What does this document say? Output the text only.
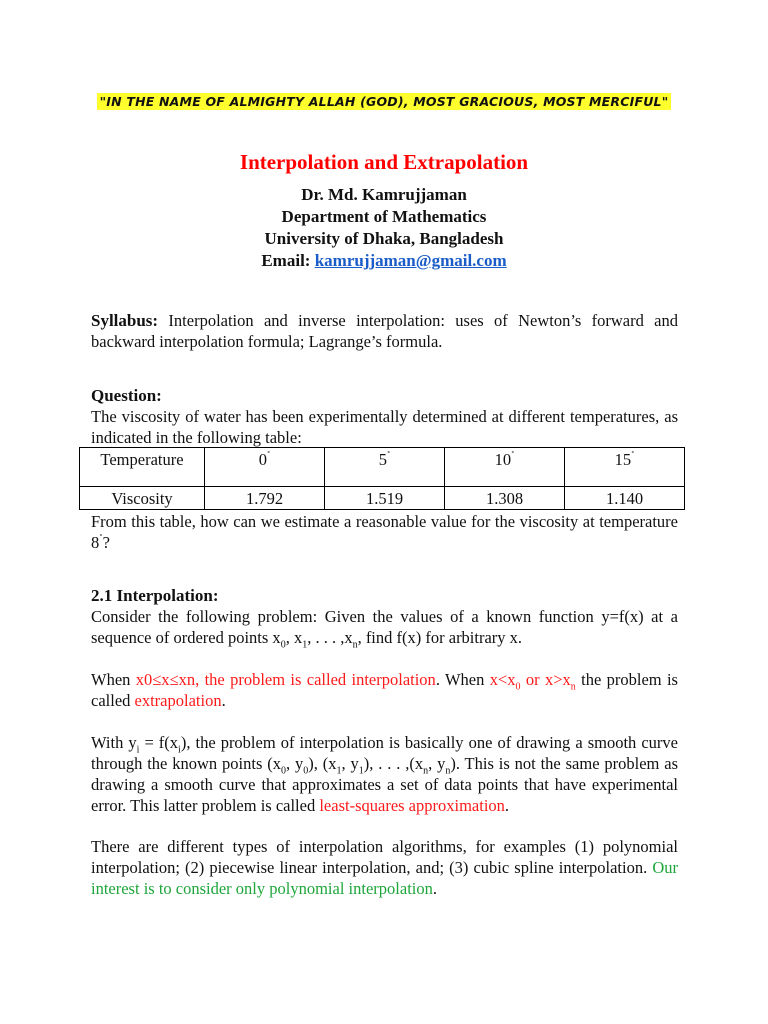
"IN THE NAME OF ALMIGHTY ALLAH (GOD), MOST GRACIOUS, MOST MERCIFUL"
Interpolation and Extrapolation
Dr. Md. Kamrujjaman
Department of Mathematics
University of Dhaka, Bangladesh
Email: kamrujjaman@gmail.com
Syllabus: Interpolation and inverse interpolation: uses of Newton’s forward and backward interpolation formula; Lagrange’s formula.
Question:
The viscosity of water has been experimentally determined at different temperatures, as indicated in the following table:
Temperature	0˚	5˚	10˚	15˚
Viscosity	1.792	1.519	1.308	1.140
From this table, how can we estimate a reasonable value for the viscosity at temperature 8˚?
2.1 Interpolation:
Consider the following problem: Given the values of a known function y=f(x) at a sequence of ordered points $x_0$, $x_1$, . . . $,x_n$, find f(x) for arbitrary x.
When x0≤x≤xn, the problem is called interpolation. When $x<x_0$ or $x>x_n$ the problem is called extrapolation.
With $y_i = f(x_i)$, the problem of interpolation is basically one of drawing a smooth curve through the known points ($x_0$, $y_0$), ($x_1$, $y_1$), . . . $,(x_n$, $y_n$). This is not the same problem as drawing a smooth curve that approximates a set of data points that have experimental error. This latter problem is called least-squares approximation.
There are different types of interpolation algorithms, for examples (1) polynomial interpolation; (2) piecewise linear interpolation, and; (3) cubic spline interpolation. Our interest is to consider only polynomial interpolation.
